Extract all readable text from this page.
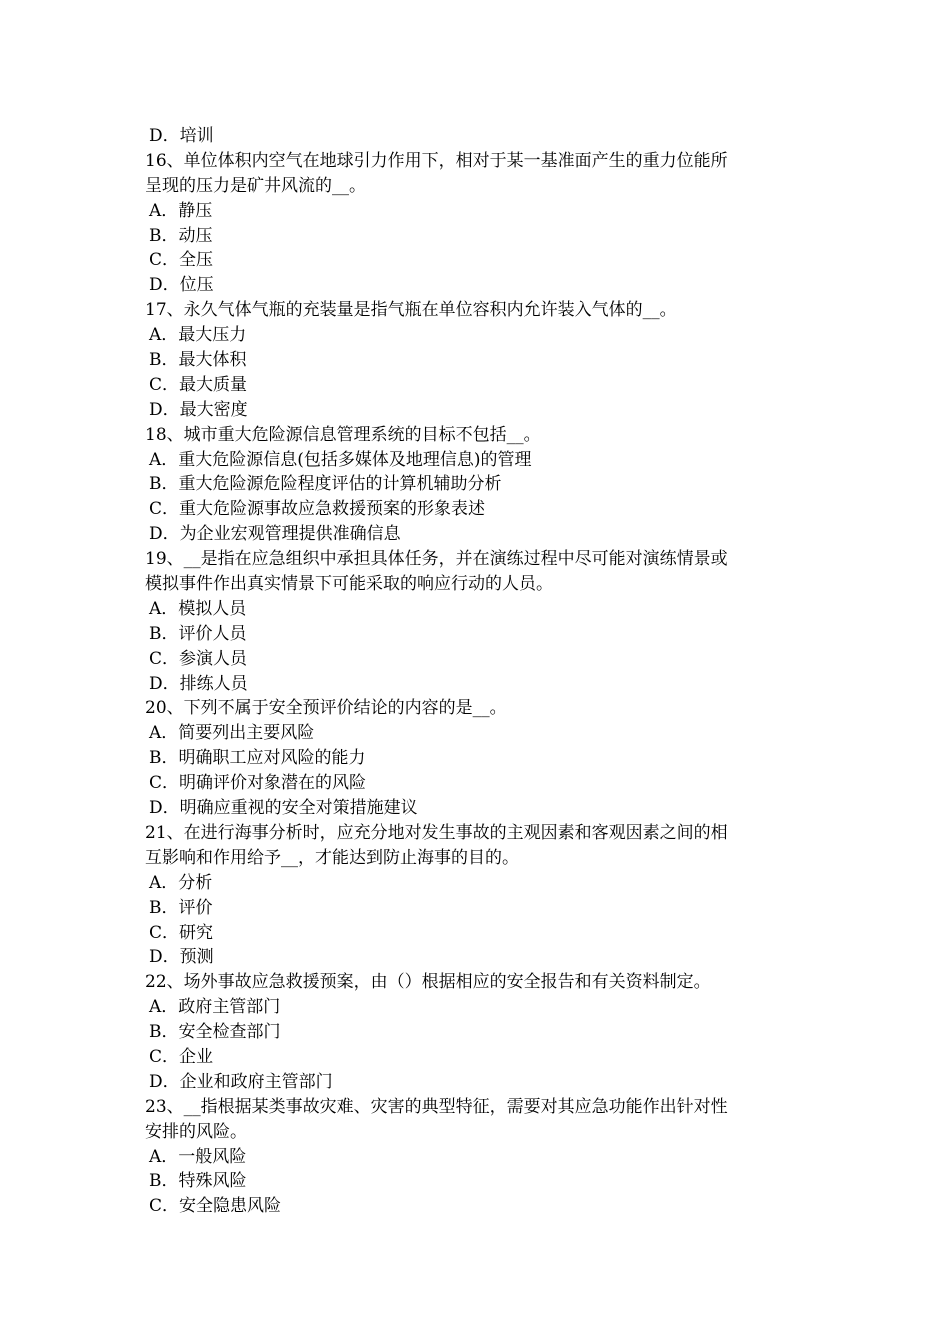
D．培训
16、单位体积内空气在地球引力作用下，相对于某一基准面产生的重力位能所
呈现的压力是矿井风流的__。
A．静压
B．动压
C．全压
D．位压
17、永久气体气瓶的充装量是指气瓶在单位容积内允许装入气体的__。
A．最大压力
B．最大体积
C．最大质量
D．最大密度
18、城市重大危险源信息管理系统的目标不包括__。
A．重大危险源信息(包括多媒体及地理信息)的管理
B．重大危险源危险程度评估的计算机辅助分析
C．重大危险源事故应急救援预案的形象表述
D．为企业宏观管理提供准确信息
19、__是指在应急组织中承担具体任务，并在演练过程中尽可能对演练情景或
模拟事件作出真实情景下可能采取的响应行动的人员。
A．模拟人员
B．评价人员
C．参演人员
D．排练人员
20、下列不属于安全预评价结论的内容的是__。
A．简要列出主要风险
B．明确职工应对风险的能力
C．明确评价对象潜在的风险
D．明确应重视的安全对策措施建议
21、在进行海事分析时，应充分地对发生事故的主观因素和客观因素之间的相
互影响和作用给予__，才能达到防止海事的目的。
A．分析
B．评价
C．研究
D．预测
22、场外事故应急救援预案，由（）根据相应的安全报告和有关资料制定。
A．政府主管部门
B．安全检查部门
C．企业
D．企业和政府主管部门
23、__指根据某类事故灾难、灾害的典型特征，需要对其应急功能作出针对性
安排的风险。
A．一般风险
B．特殊风险
C．安全隐患风险
